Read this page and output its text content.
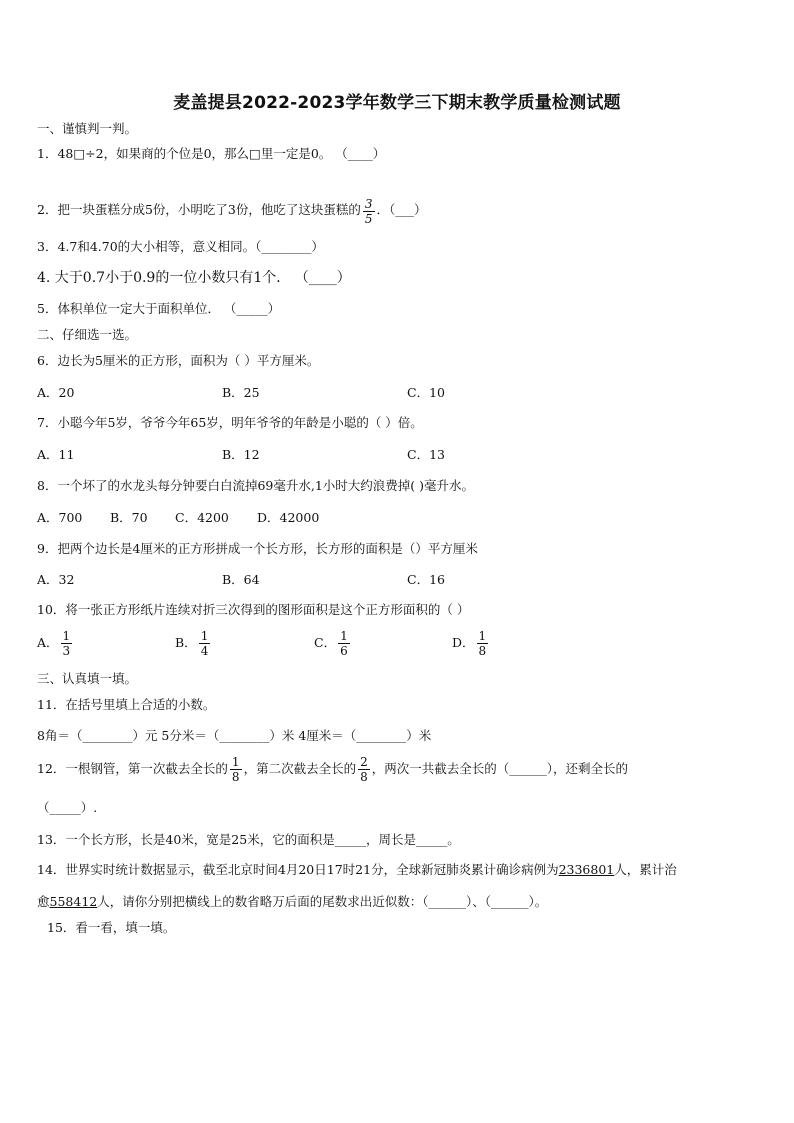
麦盖提县2022-2023学年数学三下期末教学质量检测试题
一、谨慎判一判。
1．48□÷2，如果商的个位是0，那么□里一定是0。 （____）
2．把一块蛋糕分成5份，小明吃了3份，他吃了这块蛋糕的 $\frac{3}{5}$ ．（___）
3．4.7和4.70的大小相等，意义相同。（________）
4. 大于0.7小于0.9的一位小数只有1个． （____）
5．体积单位一定大于面积单位． （_____）
二、仔细选一选。
6．边长为5厘米的正方形，面积为（ ）平方厘米。
A．20	B．25	C．10
7．小聪今年5岁，爷爷今年65岁，明年爷爷的年龄是小聪的（ ）倍。
A．11	B．12	C．13
8．一个坏了的水龙头每分钟要白白流掉69毫升水,1小时大约浪费掉( )毫升水。
A．700 B．70 C．4200 D．42000
9．把两个边长是4厘米的正方形拼成一个长方形，长方形的面积是（）平方厘米
A．32	B．64	C．16
10．将一张正方形纸片连续对折三次得到的图形面积是这个正方形面积的（ ）
A． $\frac{1}{3}$	B． $\frac{1}{4}$	C． $\frac{1}{6}$	D． $\frac{1}{8}$
三、认真填一填。
11．在括号里填上合适的小数。
8角＝（________）元 5分米＝（________）米 4厘米＝（________）米
12．一根钢管，第一次截去全长的 $\frac{1}{8}$ ，第二次截去全长的 $\frac{2}{8}$ ，两次一共截去全长的（______），还剩全长的
（_____）.
13．一个长方形，长是40米，宽是25米，它的面积是_____，周长是_____。
14．世界实时统计数据显示，截至北京时间4月20日17时21分，全球新冠肺炎累计确诊病例为2336801人，累计治
愈558412人，请你分别把横线上的数省略万后面的尾数求出近似数：（______）、（______）。
15．看一看，填一填。
